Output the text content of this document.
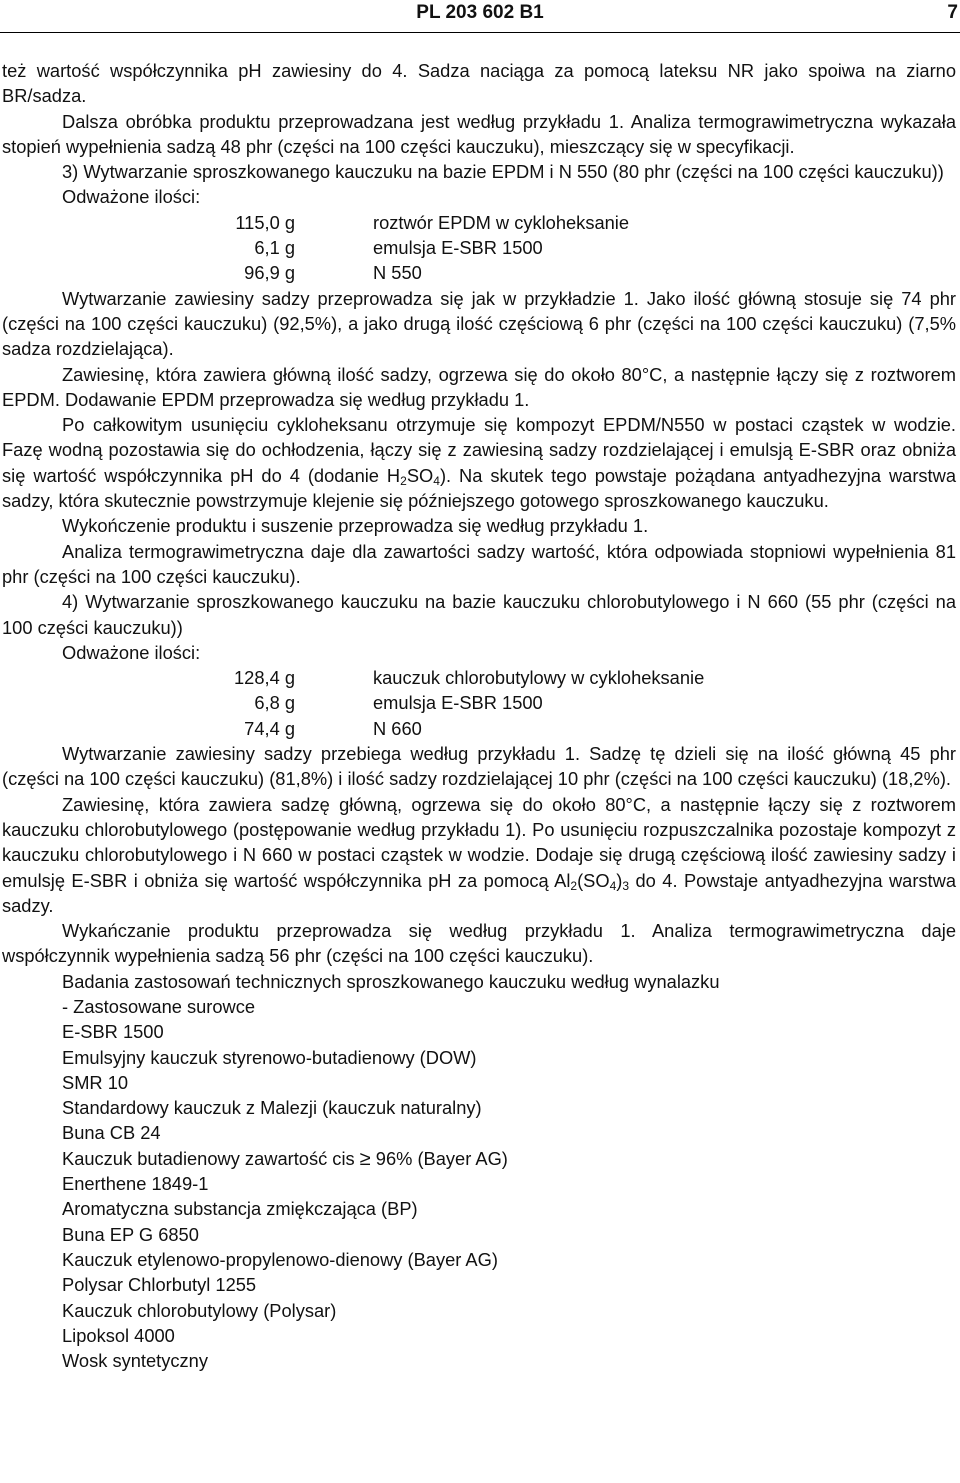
PL 203 602 B1	7

też wartość współczynnika pH zawiesiny do 4. Sadza naciąga za pomocą lateksu NR jako spoiwa na ziarno BR/sadza.

Dalsza obróbka produktu przeprowadzana jest według przykładu 1. Analiza termograwimetryczna wykazała stopień wypełnienia sadzą 48 phr (części na 100 części kauczuku), mieszczący się w specyfikacji.

3) Wytwarzanie sproszkowanego kauczuku na bazie EPDM i N 550 (80 phr (części na 100 części kauczuku))

Odważone ilości:

115,0 g	roztwór EPDM w cykloheksanie
6,1 g	emulsja E-SBR 1500
96,9 g	N 550

Wytwarzanie zawiesiny sadzy przeprowadza się jak w przykładzie 1. Jako ilość główną stosuje się 74 phr (części na 100 części kauczuku) (92,5%), a jako drugą ilość częściową 6 phr (części na 100 części kauczuku) (7,5% sadza rozdzielająca).

Zawiesinę, która zawiera główną ilość sadzy, ogrzewa się do około 80°C, a następnie łączy się z roztworem EPDM. Dodawanie EPDM przeprowadza się według przykładu 1.

Po całkowitym usunięciu cykloheksanu otrzymuje się kompozyt EPDM/N550 w postaci cząstek w wodzie. Fazę wodną pozostawia się do ochłodzenia, łączy się z zawiesiną sadzy rozdzielającej i emulsją E-SBR oraz obniża się wartość współczynnika pH do 4 (dodanie $H_2SO_4$). Na skutek tego powstaje pożądana antyadhezyjna warstwa sadzy, która skutecznie powstrzymuje klejenie się późniejszego gotowego sproszkowanego kauczuku.

Wykończenie produktu i suszenie przeprowadza się według przykładu 1.

Analiza termograwimetryczna daje dla zawartości sadzy wartość, która odpowiada stopniowi wypełnienia 81 phr (części na 100 części kauczuku).

4) Wytwarzanie sproszkowanego kauczuku na bazie kauczuku chlorobutylowego i N 660 (55 phr (części na 100 części kauczuku))

Odważone ilości:

128,4 g	kauczuk chlorobutylowy w cykloheksanie
6,8 g	emulsja E-SBR 1500
74,4 g	N 660

Wytwarzanie zawiesiny sadzy przebiega według przykładu 1. Sadzę tę dzieli się na ilość główną 45 phr (części na 100 części kauczuku) (81,8%) i ilość sadzy rozdzielającej 10 phr (części na 100 części kauczuku) (18,2%).

Zawiesinę, która zawiera sadzę główną, ogrzewa się do około 80°C, a następnie łączy się z roztworem kauczuku chlorobutylowego (postępowanie według przykładu 1). Po usunięciu rozpuszczalnika pozostaje kompozyt z kauczuku chlorobutylowego i N 660 w postaci cząstek w wodzie. Dodaje się drugą częściową ilość zawiesiny sadzy i emulsję E-SBR i obniża się wartość współczynnika pH za pomocą $Al_2(SO_4)_3$ do 4. Powstaje antyadhezyjna warstwa sadzy.

Wykańczanie produktu przeprowadza się według przykładu 1. Analiza termograwimetryczna daje współczynnik wypełnienia sadzą 56 phr (części na 100 części kauczuku).

Badania zastosowań technicznych sproszkowanego kauczuku według wynalazku
- Zastosowane surowce
E-SBR 1500
Emulsyjny kauczuk styrenowo-butadienowy (DOW)
SMR 10
Standardowy kauczuk z Malezji (kauczuk naturalny)
Buna CB 24
Kauczuk butadienowy zawartość cis ≥ 96% (Bayer AG)
Enerthene 1849-1
Aromatyczna substancja zmiękczająca (BP)
Buna EP G 6850
Kauczuk etylenowo-propylenowo-dienowy (Bayer AG)
Polysar Chlorbutyl 1255
Kauczuk chlorobutylowy (Polysar)
Lipoksol 4000
Wosk syntetyczny
